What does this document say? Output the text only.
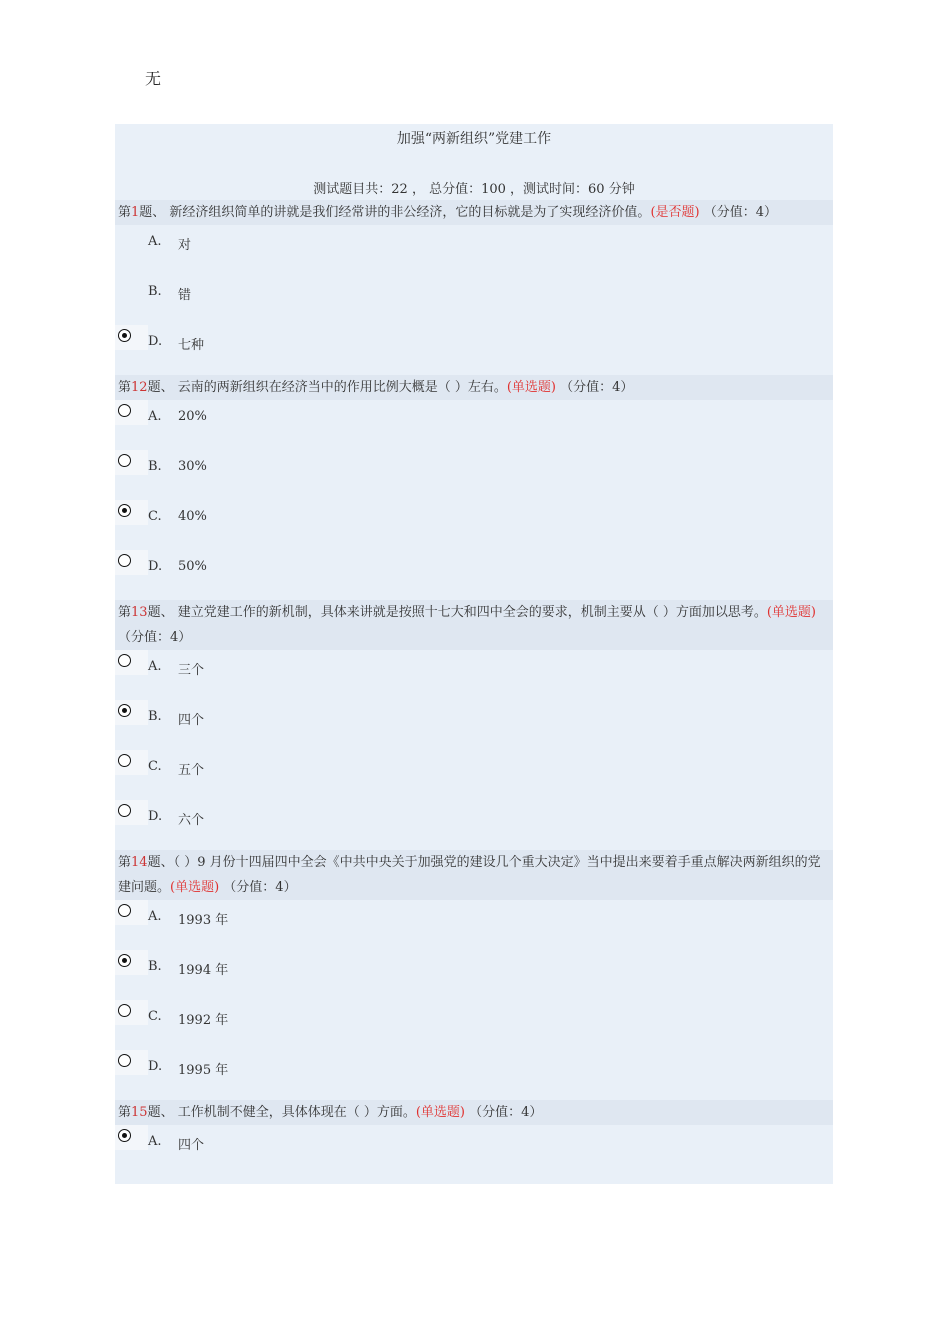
无
加强“两新组织”党建工作
测试题目共：22 ， 总分值：100 ，测试时间：60 分钟
第1题、 新经济组织简单的讲就是我们经常讲的非公经济，它的目标就是为了实现经济价值。(是否题) （分值：4）
A. 对
B. 错
D. 七种
第12题、 云南的两新组织在经济当中的作用比例大概是（ ）左右。(单选题) （分值：4）
A. 20%
B. 30%
C. 40%
D. 50%
第13题、 建立党建工作的新机制，具体来讲就是按照十七大和四中全会的要求，机制主要从（ ）方面加以思考。(单选题) （分值：4）
A. 三个
B. 四个
C. 五个
D. 六个
第14题、（ ）9 月份十四届四中全会《中共中央关于加强党的建设几个重大决定》当中提出来要着手重点解决两新组织的党建问题。(单选题) （分值：4）
A. 1993 年
B. 1994 年
C. 1992 年
D. 1995 年
第15题、 工作机制不健全，具体体现在（ ）方面。(单选题) （分值：4）
A. 四个
